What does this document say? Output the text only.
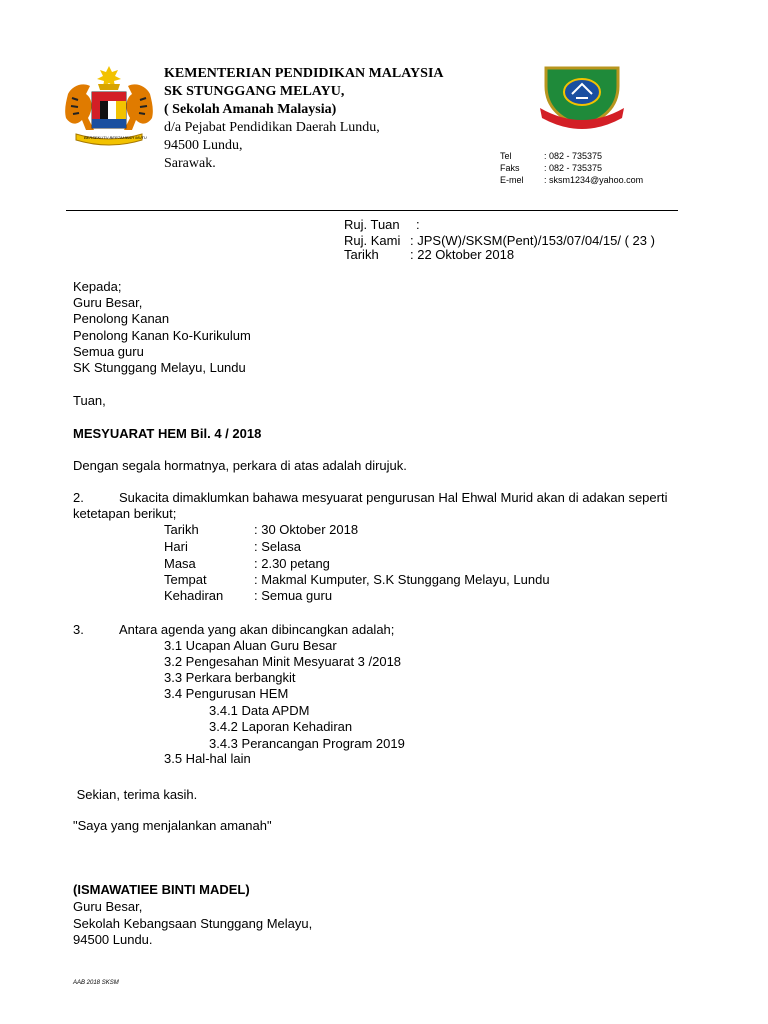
BERSEKUTU BERTAMBAH MUTU
KEMENTERIAN PENDIDIKAN MALAYSIA
SK STUNGGANG MELAYU,
( Sekolah Amanah Malaysia)
d/a Pejabat Pendidikan Daerah Lundu,
94500 Lundu,
Sarawak.	Tel	: 082 - 735375
Faks	: 082 - 735375
E-mel : sksm1234@yahoo.com
Ruj. Tuan :
Ruj. Kami : JPS(W)/SKSM(Pent)/153/07/04/15/ ( 23 )
Tarikh : 22 Oktober 2018
Kepada;
Guru Besar,
Penolong Kanan
Penolong Kanan Ko-Kurikulum
Semua guru
SK Stunggang Melayu, Lundu
Tuan,
MESYUARAT HEM Bil. 4 / 2018
Dengan segala hormatnya, perkara di atas adalah dirujuk.
2.	Sukacita dimaklumkan bahawa mesyuarat pengurusan Hal Ehwal Murid akan di adakan seperti
ketetapan berikut;
Tarikh	: 30 Oktober 2018
Hari	: Selasa
Masa	: 2.30 petang
Tempat	: Makmal Kumputer, S.K Stunggang Melayu, Lundu
Kehadiran : Semua guru
3.	Antara agenda yang akan dibincangkan adalah;
3.1 Ucapan Aluan Guru Besar
3.2 Pengesahan Minit Mesyuarat 3 /2018
3.3 Perkara berbangkit
3.4 Pengurusan HEM
3.4.1 Data APDM
3.4.2 Laporan Kehadiran
3.4.3 Perancangan Program 2019
3.5 Hal-hal lain
Sekian, terima kasih.
"Saya yang menjalankan amanah"
(ISMAWATIEE BINTI MADEL)
Guru Besar,
Sekolah Kebangsaan Stunggang Melayu,
94500 Lundu.
AAB 2018 SKSM
